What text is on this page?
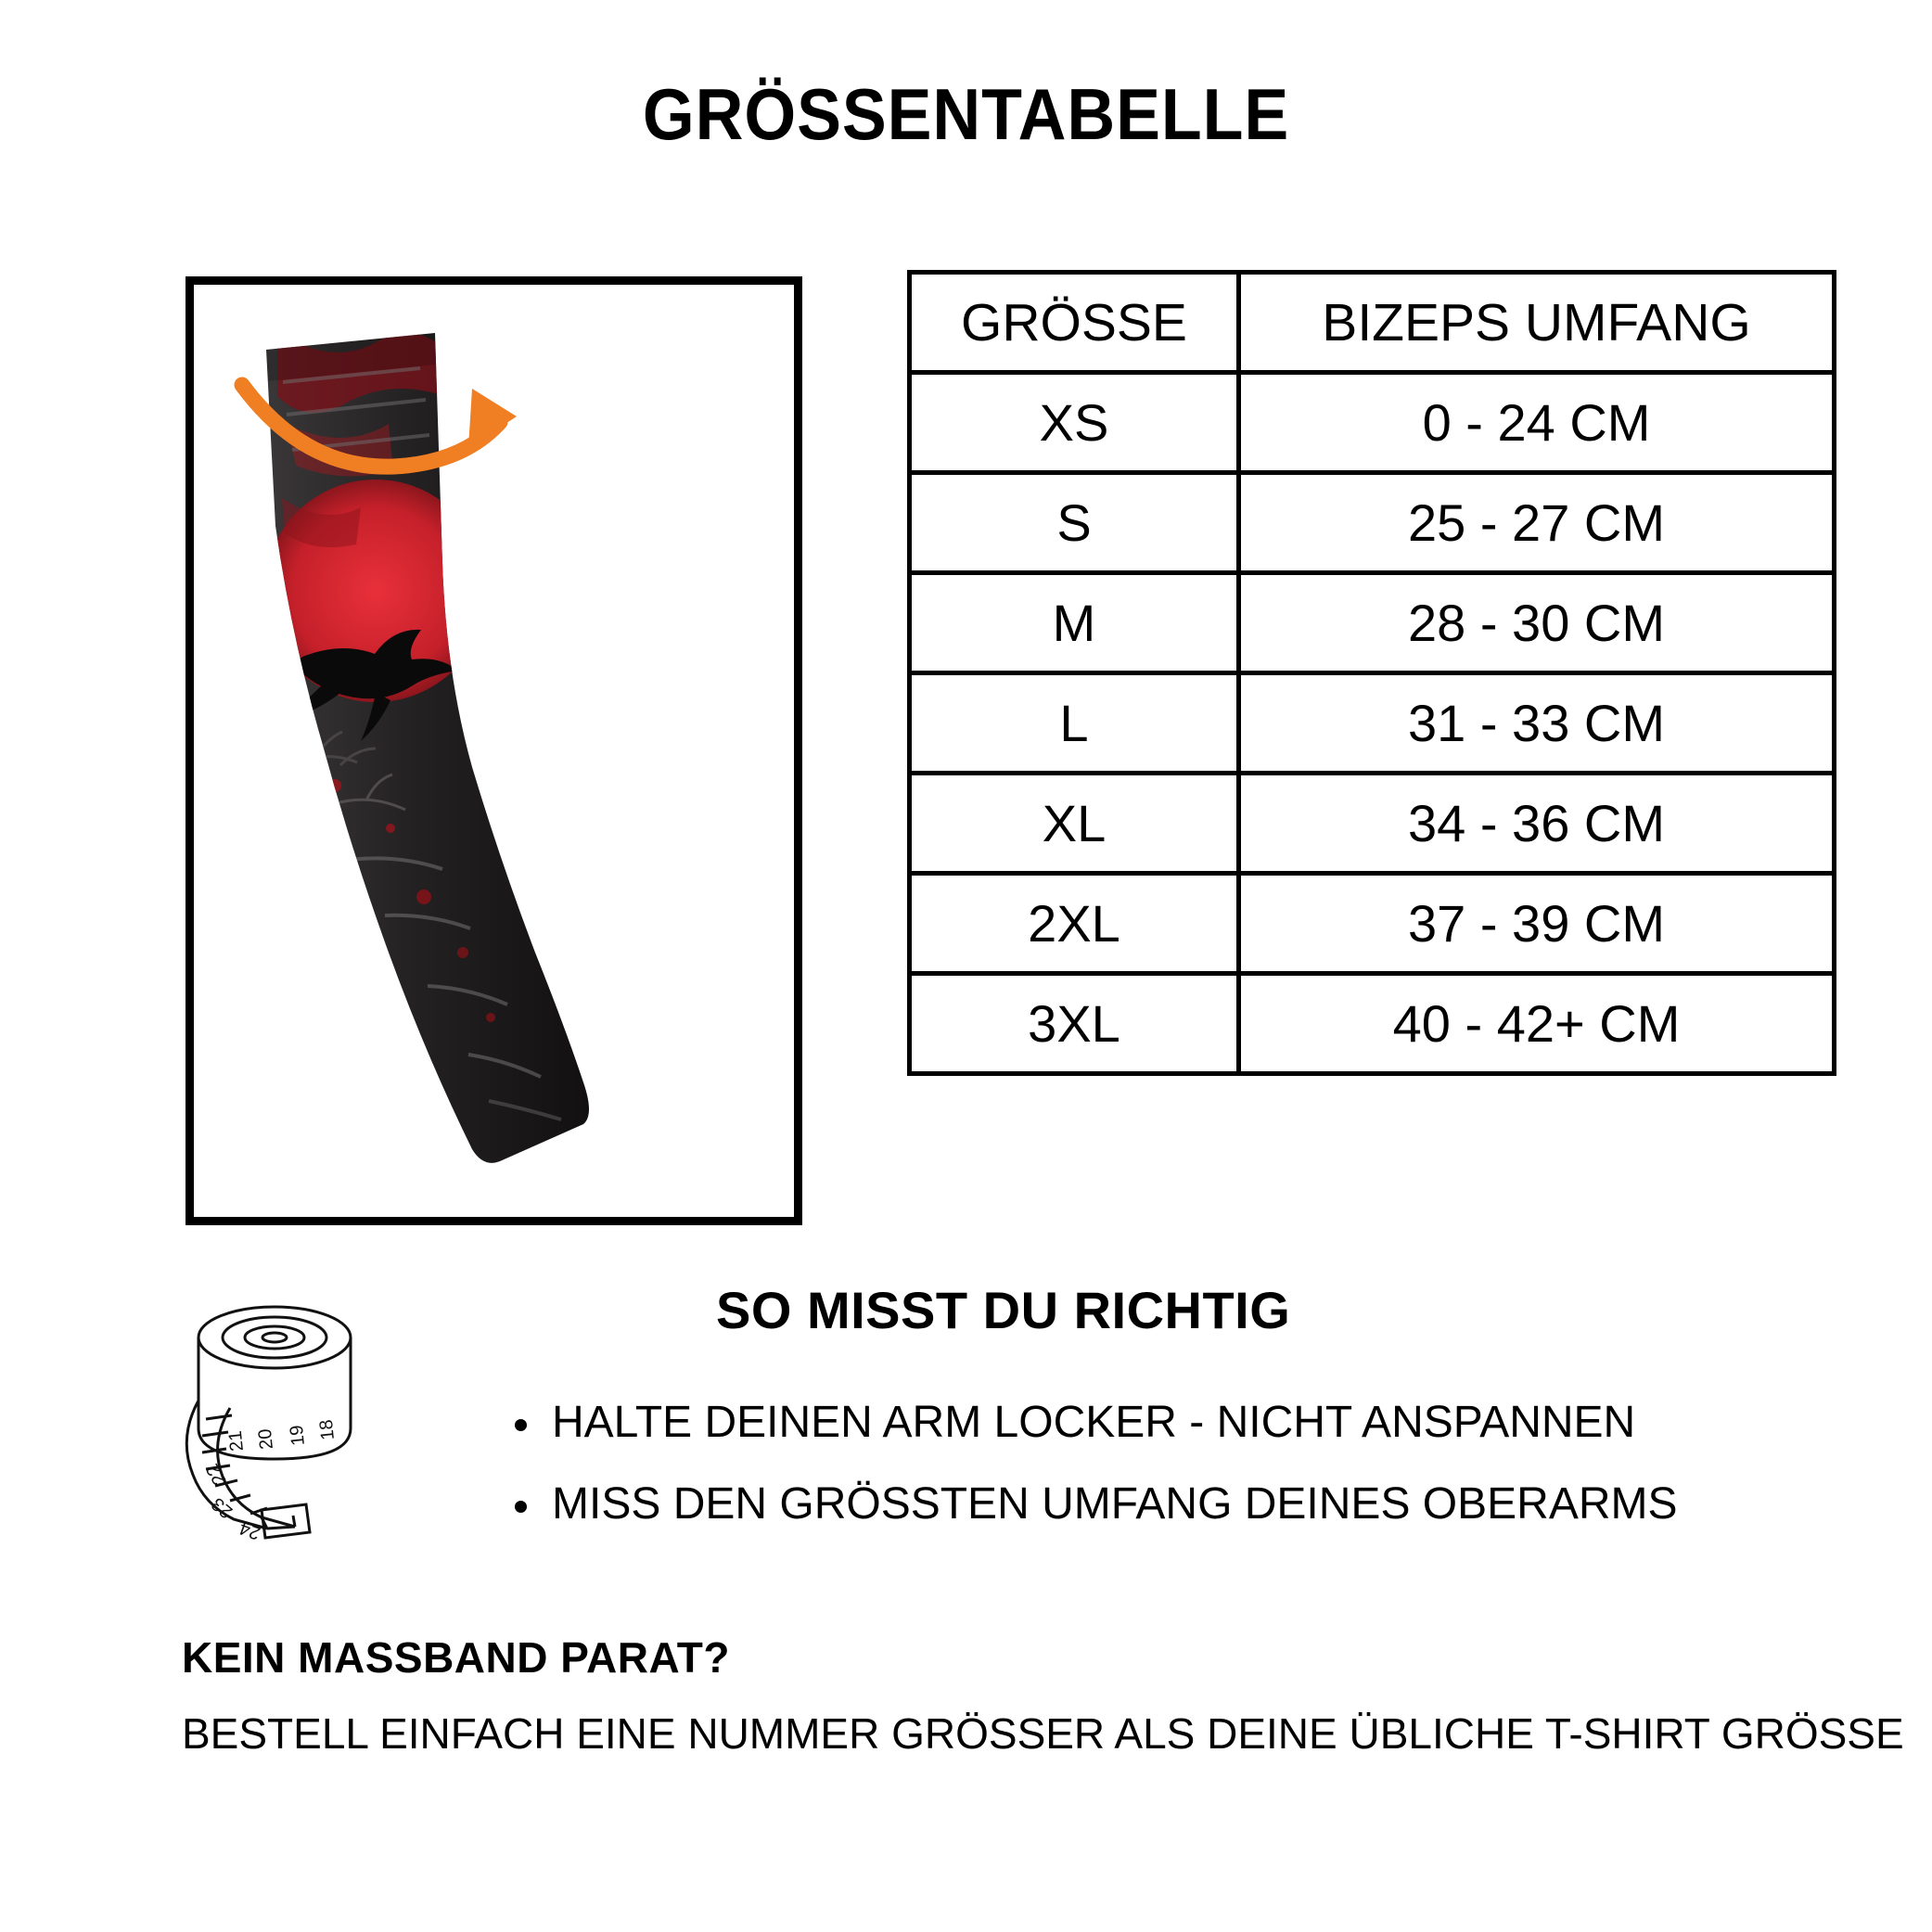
GRÖSSENTABELLE
GRÖSSE	BIZEPS UMFANG
XS	0 - 24 CM
S	25 - 27 CM
M	28 - 30 CM
L	31 - 33 CM
XL	34 - 36 CM
2XL	37 - 39 CM
3XL	40 - 42+ CM
18
19
20
21
22
23
24
SO MISST DU RICHTIG
HALTE DEINEN ARM LOCKER - NICHT ANSPANNEN
MISS DEN GRÖSSTEN UMFANG DEINES OBERARMS
KEIN MASSBAND PARAT?
BESTELL EINFACH EINE NUMMER GRÖSSER ALS DEINE ÜBLICHE T-SHIRT GRÖSSE
